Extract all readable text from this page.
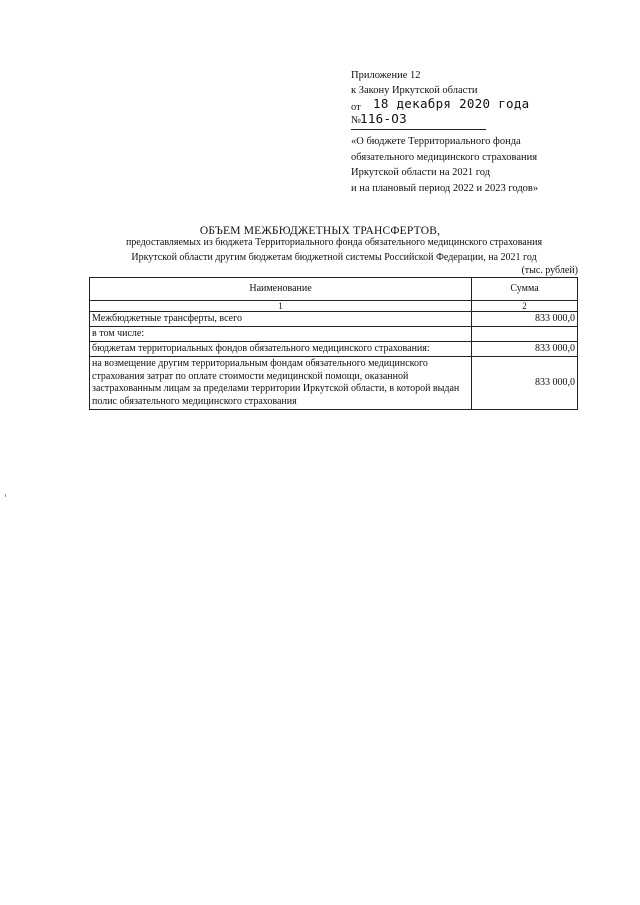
Приложение 12
к Закону Иркутской области
от 18 декабря 2020 года
№
116-ОЗ
«О бюджете Территориального фонда
обязательного медицинского страхования
Иркутской области на 2021 год
и на плановый период 2022 и 2023 годов»
ОБЪЕМ МЕЖБЮДЖЕТНЫХ ТРАНСФЕРТОВ,
предоставляемых из бюджета Территориального фонда обязательного медицинского страхования
Иркутской области другим бюджетам бюджетной системы Российской Федерации, на 2021 год
(тыс. рублей)
Наименование	Сумма
1	2
Межбюджетные трансферты, всего	833 000,0
в том числе:	
бюджетам территориальных фондов обязательного медицинского страхования:	833 000,0
на возмещение другим территориальным фондам обязательного медицинского страхования затрат по оплате стоимости медицинской помощи, оказанной застрахованным лицам за пределами территории Иркутской области, в которой выдан полис обязательного медицинского страхования	833 000,0
